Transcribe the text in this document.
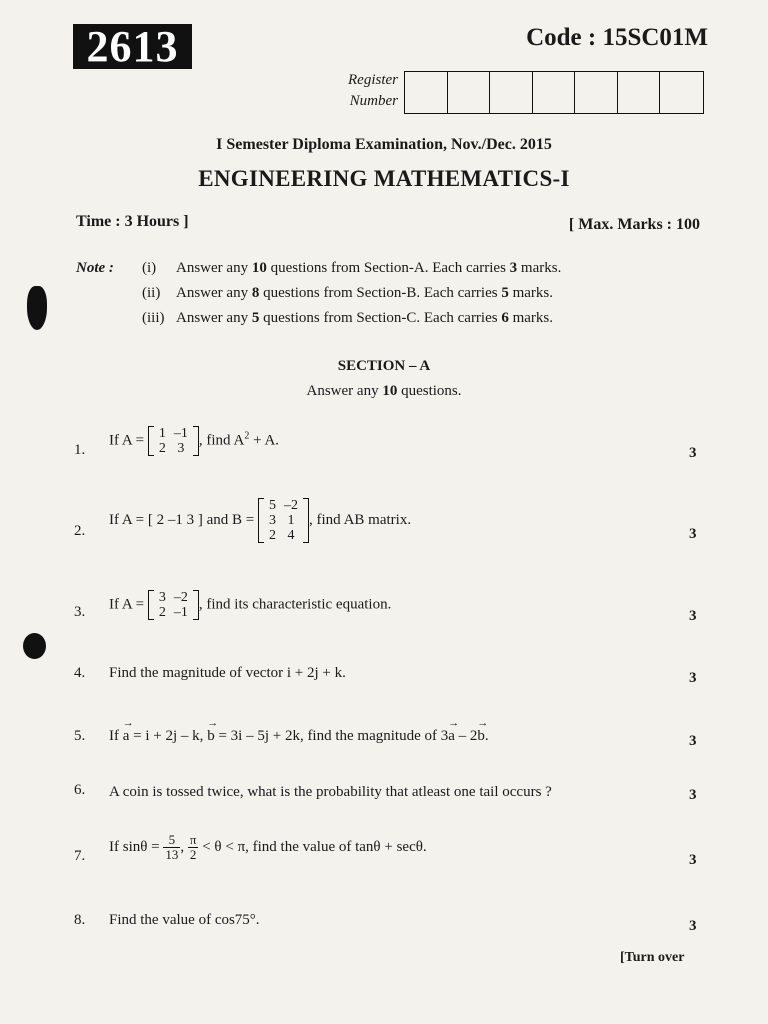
2613	Code : 15SC01M
Register
Number
I Semester Diploma Examination, Nov./Dec. 2015
ENGINEERING MATHEMATICS-I
Time : 3 Hours ]	[ Max. Marks : 100
Note : (i) Answer any 10 questions from Section-A. Each carries 3 marks.
(ii) Answer any 8 questions from Section-B. Each carries 5 marks.
(iii) Answer any 5 questions from Section-C. Each carries 6 marks.
SECTION – A
Answer any 10 questions.
1.
If A = 1	–1
2	3
, find $A^2 + A$.
3
2.
If A = [ 2 –1 3 ] and B =
5	–2
3	1
2	4
, find AB matrix.
3
3. If A = 3	–2
2	–1
, find its characteristic equation.
3
4. Find the magnitude of vector i + 2j + k.	3
5. If → a = i + 2j – k, → b = 3i – 5j + 2k, find the magnitude of 3→ a – 2→ b.	3
6. A coin is tossed twice, what is the probability that atleast one tail occurs ?	3
7.
If $\sin\theta = \frac{5}{13}$ , $\frac{\pi}{2} < \theta < \pi$, find the value of tanθ + secθ.
3
8. Find the value of cos75°.	3
[Turn over
